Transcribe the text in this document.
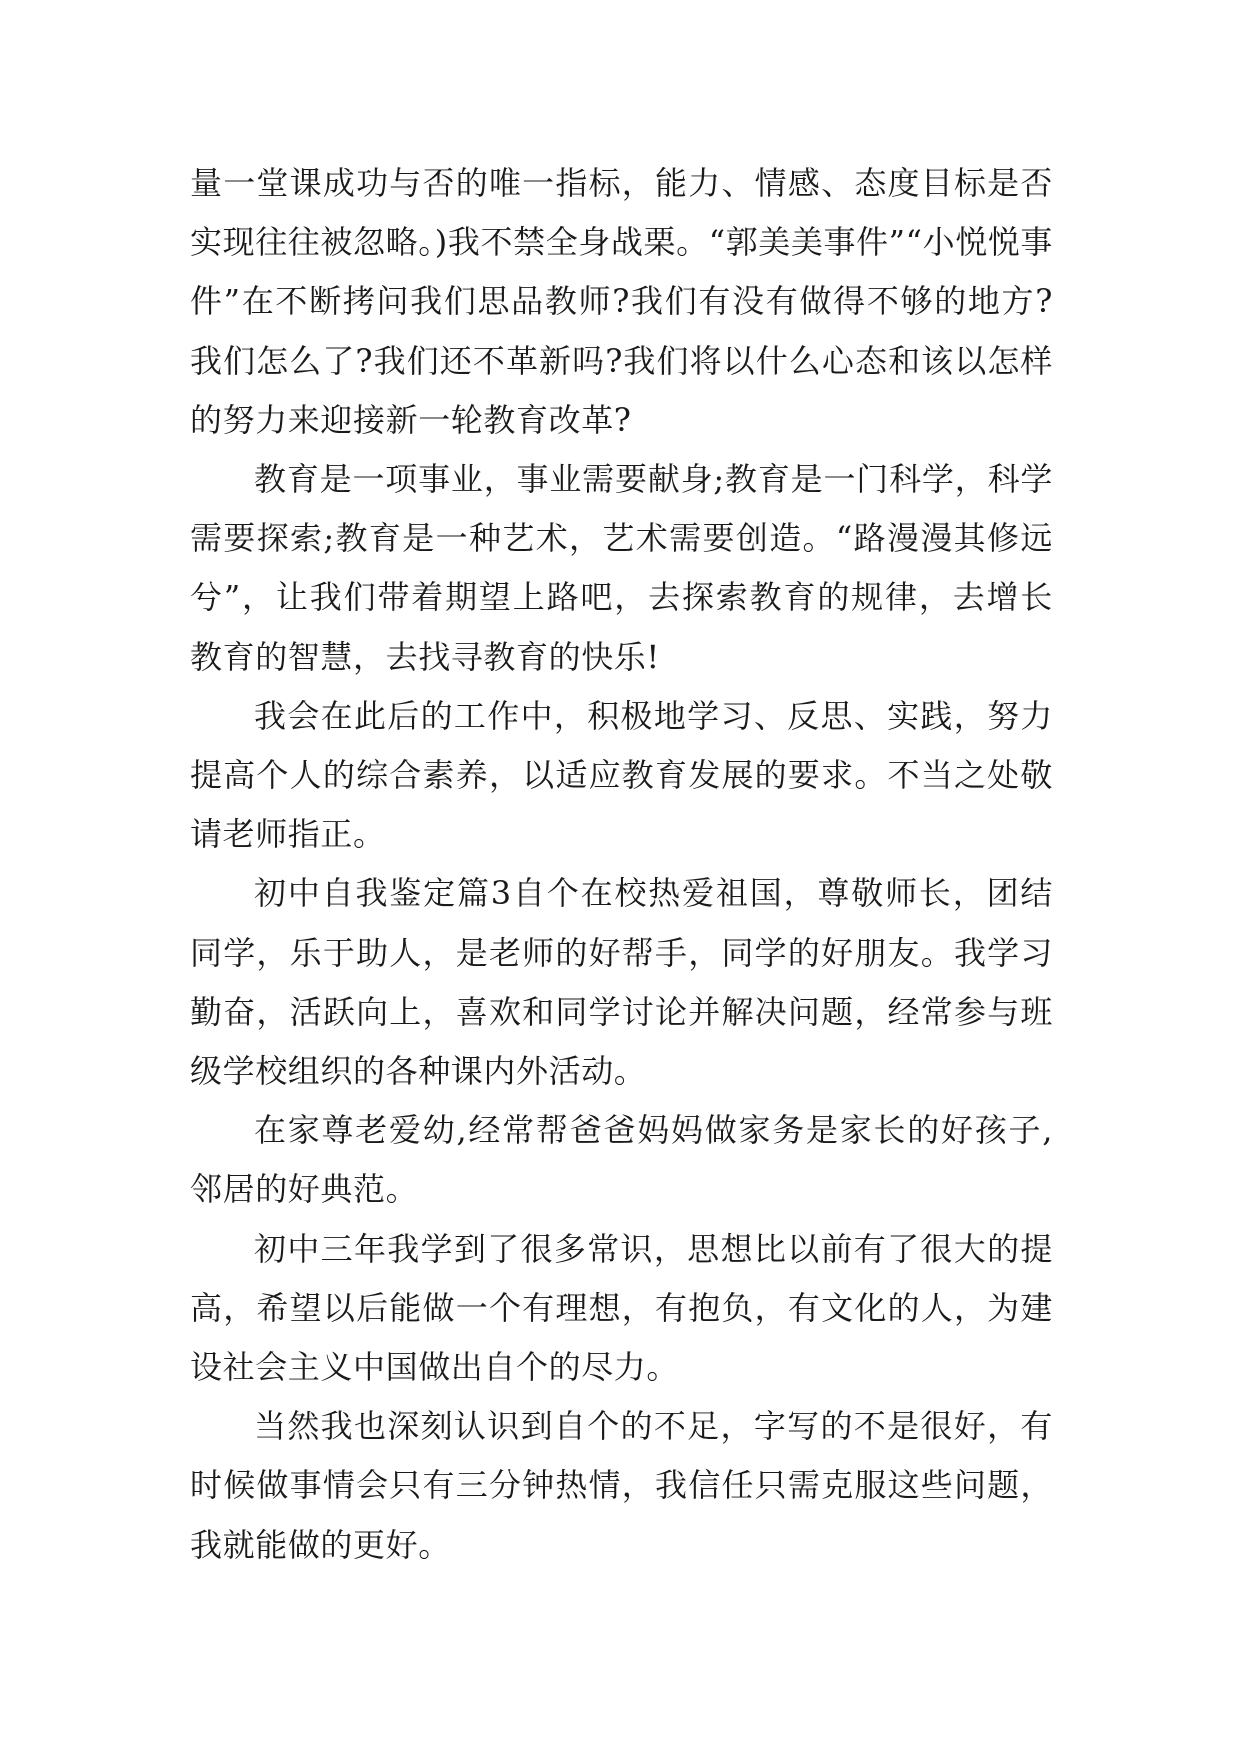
量一堂课成功与否的唯一指标，能力、情感、态度目标是否实现往往被忽略。)我不禁全身战栗。“郭美美事件”“小悦悦事件”在不断拷问我们思品教师?我们有没有做得不够的地方?我们怎么了?我们还不革新吗?我们将以什么心态和该以怎样的努力来迎接新一轮教育改革?

教育是一项事业，事业需要献身;教育是一门科学，科学需要探索;教育是一种艺术，艺术需要创造。“路漫漫其修远兮”，让我们带着期望上路吧，去探索教育的规律，去增长教育的智慧，去找寻教育的快乐!

我会在此后的工作中，积极地学习、反思、实践，努力提高个人的综合素养，以适应教育发展的要求。不当之处敬请老师指正。

初中自我鉴定篇3自个在校热爱祖国，尊敬师长，团结同学，乐于助人，是老师的好帮手，同学的好朋友。我学习勤奋，活跃向上，喜欢和同学讨论并解决问题，经常参与班级学校组织的各种课内外活动。

在家尊老爱幼,经常帮爸爸妈妈做家务是家长的好孩子,邻居的好典范。

初中三年我学到了很多常识，思想比以前有了很大的提高，希望以后能做一个有理想，有抱负，有文化的人，为建设社会主义中国做出自个的尽力。

当然我也深刻认识到自个的不足，字写的不是很好，有时候做事情会只有三分钟热情，我信任只需克服这些问题，我就能做的更好。
